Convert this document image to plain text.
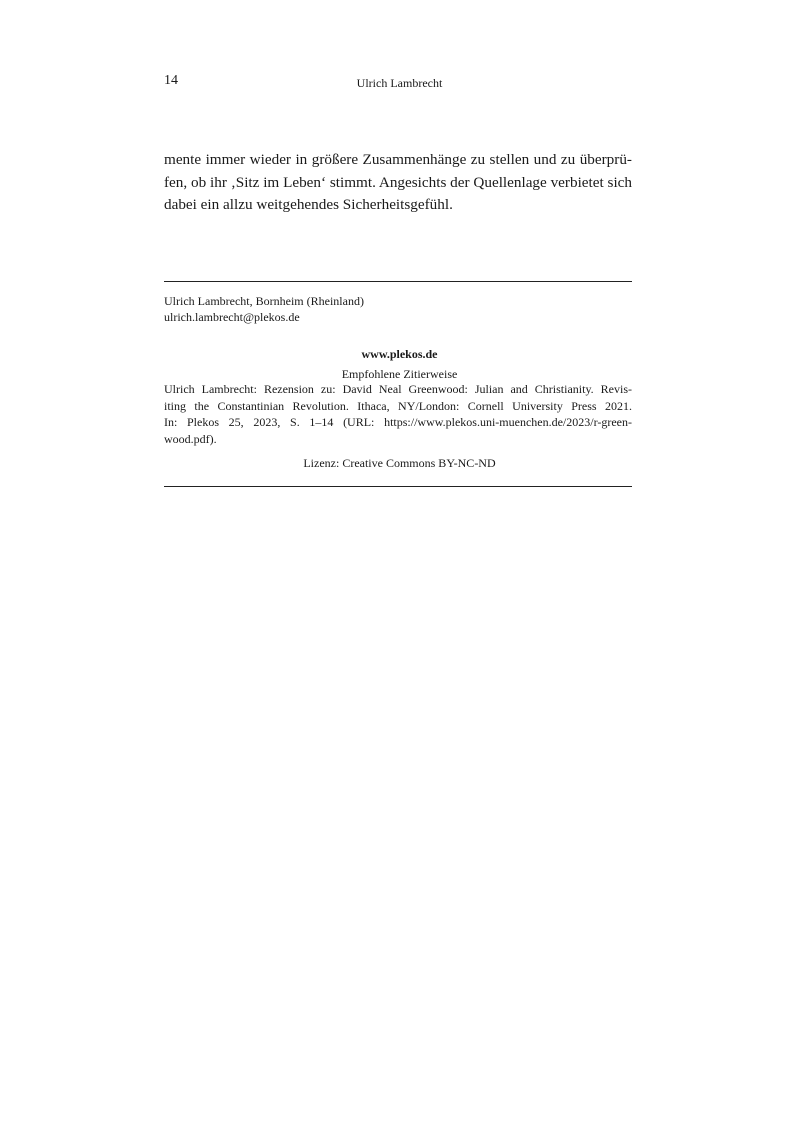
14	Ulrich Lambrecht
mente immer wieder in größere Zusammenhänge zu stellen und zu überprü-
fen, ob ihr ‚Sitz im Leben‘ stimmt. Angesichts der Quellenlage verbietet sich
dabei ein allzu weitgehendes Sicherheitsgefühl.
Ulrich Lambrecht, Bornheim (Rheinland)
ulrich.lambrecht@plekos.de
www.plekos.de
Empfohlene Zitierweise
Ulrich Lambrecht: Rezension zu: David Neal Greenwood: Julian and Christianity. Revis-
iting the Constantinian Revolution. Ithaca, NY/London: Cornell University Press 2021.
In: Plekos 25, 2023, S. 1–14 (URL: https://www.plekos.uni-muenchen.de/2023/r-green-
wood.pdf).
Lizenz: Creative Commons BY-NC-ND
